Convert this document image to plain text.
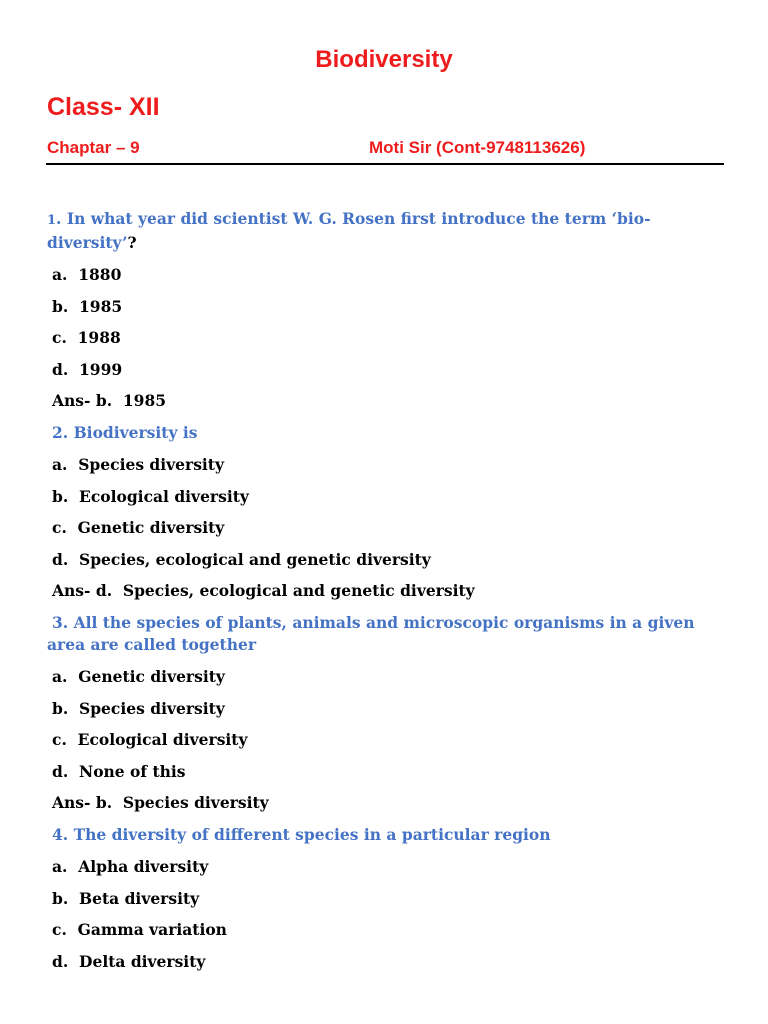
Biodiversity
Class- XII
Chaptar – 9	Moti Sir (Cont-9748113626)
1. In what year did scientist W. G. Rosen first introduce the term ‘bio-diversity’?
a.  1880
b.  1985
c.  1988
d.  1999
Ans- b.  1985
2. Biodiversity is
a.  Species diversity
b.  Ecological diversity
c.  Genetic diversity
d.  Species, ecological and genetic diversity
Ans- d.  Species, ecological and genetic diversity
3. All the species of plants, animals and microscopic organisms in a given area are called together
a.  Genetic diversity
b.  Species diversity
c.  Ecological diversity
d.  None of this
Ans- b.  Species diversity
4. The diversity of different species in a particular region
a.  Alpha diversity
b.  Beta diversity
c.  Gamma variation
d.  Delta diversity
